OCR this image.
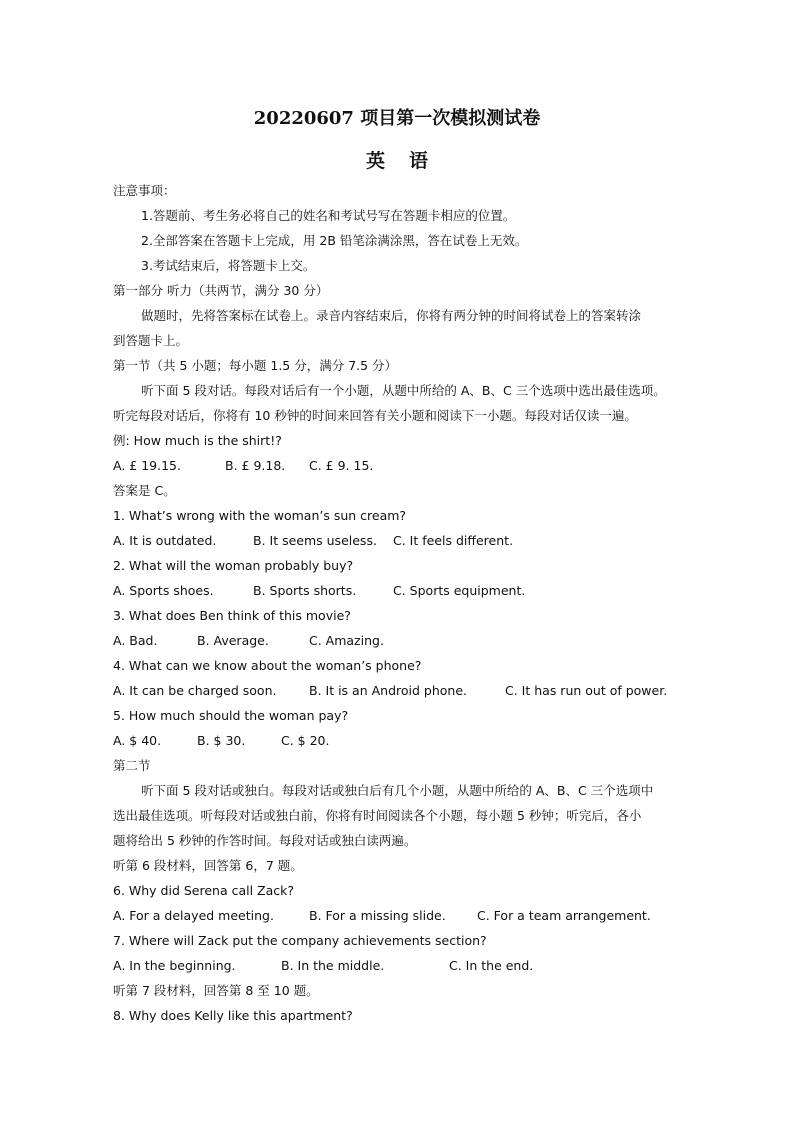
20220607 项目第一次模拟测试卷
英语
注意事项：
1.答题前、考生务必将自己的姓名和考试号写在答题卡相应的位置。
2.全部答案在答题卡上完成，用 2B 铅笔涂满涂黑，答在试卷上无效。
3.考试结束后，将答题卡上交。
第一部分 听力（共两节，满分 30 分）
做题时，先将答案标在试卷上。录音内容结束后，你将有两分钟的时间将试卷上的答案转涂
到答题卡上。
第一节（共 5 小题；每小题 1.5 分，满分 7.5 分）
听下面 5 段对话。每段对话后有一个小题，从题中所给的 A、B、C 三个选项中选出最佳选项。
听完每段对话后，你将有 10 秒钟的时间来回答有关小题和阅读下一小题。每段对话仅读一遍。
例: How much is the shirt!?
A. £ 19.15.	B. £ 9.18. C. £ 9. 15.
答案是 C。
1. What’s wrong with the woman’s sun cream?
A. It is outdated.	B. It seems useless. C. It feels different.
2. What will the woman probably buy?
A. Sports shoes.	B. Sports shorts.	C. Sports equipment.
3. What does Ben think of this movie?
A. Bad.	B. Average.	C. Amazing.
4. What can we know about the woman’s phone?
A. It can be charged soon.	B. It is an Android phone.	C. It has run out of power.
5. How much should the woman pay?
A. $ 40.	B. $ 30.	C. $ 20.
第二节
听下面 5 段对话或独白。每段对话或独白后有几个小题，从题中所给的 A、B、C 三个选项中
选出最佳选项。听每段对话或独白前，你将有时间阅读各个小题，每小题 5 秒钟；听完后，各小
题将给出 5 秒钟的作答时间。每段对话或独白读两遍。
听第 6 段材料，回答第 6，7 题。
6. Why did Serena call Zack?
A. For a delayed meeting.	B. For a missing slide.	C. For a team arrangement.
7. Where will Zack put the company achievements section?
A. In the beginning.	B. In the middle.	C. In the end.
听第 7 段材料，回答第 8 至 10 题。
8. Why does Kelly like this apartment?
